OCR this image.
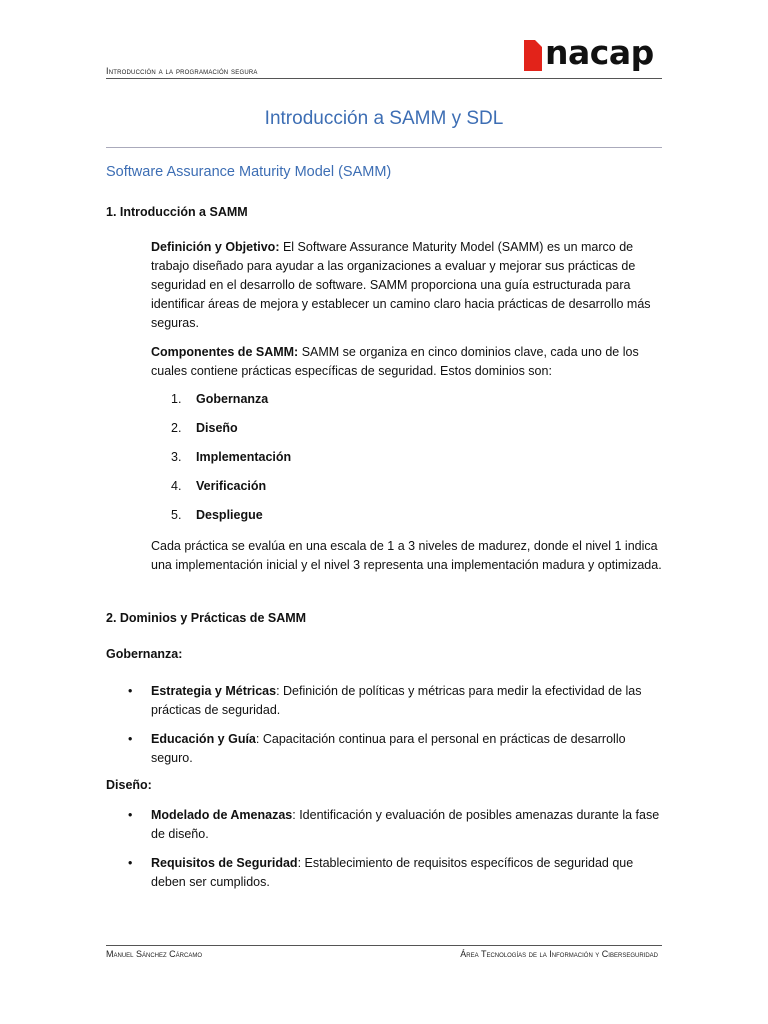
Introducción a la programación segura	nacap
Introducción a SAMM y SDL
Software Assurance Maturity Model (SAMM)
1. Introducción a SAMM

Definición y Objetivo: El Software Assurance Maturity Model (SAMM) es un marco de trabajo diseñado para ayudar a las organizaciones a evaluar y mejorar sus prácticas de seguridad en el desarrollo de software. SAMM proporciona una guía estructurada para identificar áreas de mejora y establecer un camino claro hacia prácticas de desarrollo más seguras.

Componentes de SAMM: SAMM se organiza en cinco dominios clave, cada uno de los cuales contiene prácticas específicas de seguridad. Estos dominios son:

1. Gobernanza
2. Diseño
3. Implementación
4. Verificación
5. Despliegue

Cada práctica se evalúa en una escala de 1 a 3 niveles de madurez, donde el nivel 1 indica una implementación inicial y el nivel 3 representa una implementación madura y optimizada.

2. Dominios y Prácticas de SAMM
Gobernanza:
• Estrategia y Métricas: Definición de políticas y métricas para medir la efectividad de las prácticas de seguridad.
• Educación y Guía: Capacitación continua para el personal en prácticas de desarrollo seguro.
Diseño:
• Modelado de Amenazas: Identificación y evaluación de posibles amenazas durante la fase de diseño.
• Requisitos de Seguridad: Establecimiento de requisitos específicos de seguridad que deben ser cumplidos.
Manuel Sánchez Cárcamo	Área Tecnologías de la Información y Ciberseguridad
